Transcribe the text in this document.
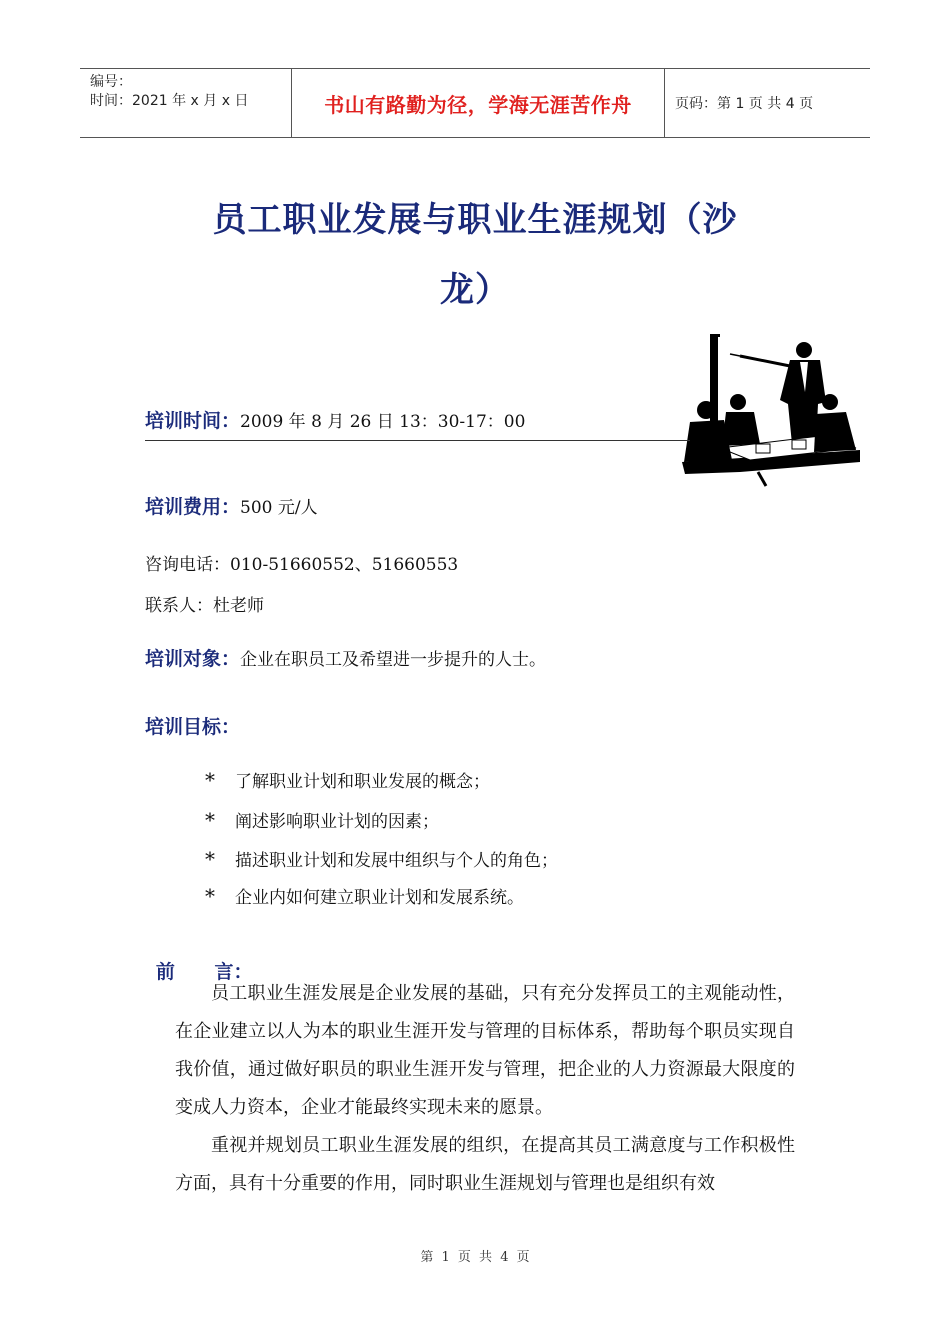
编号：
时间：2021 年 x 月 x 日	书山有路勤为径，学海无涯苦作舟	页码：第 1 页 共 4 页
员工职业发展与职业生涯规划（沙
龙）
培训时间：2009 年 8 月 26 日 13：30-17：00
培训费用：500 元/人
咨询电话：010-51660552、51660553
联系人：杜老师
培训对象：企业在职员工及希望进一步提升的人士。
培训目标：
* 了解职业计划和职业发展的概念；
* 阐述影响职业计划的因素；
* 描述职业计划和发展中组织与个人的角色；
* 企业内如何建立职业计划和发展系统。

前      言：

员工职业生涯发展是企业发展的基础，只有充分发挥员工的主观能动性，在企业建立以人为本的职业生涯开发与管理的目标体系，帮助每个职员实现自我价值，通过做好职员的职业生涯开发与管理，把企业的人力资源最大限度的变成人力资本，企业才能最终实现未来的愿景。

重视并规划员工职业生涯发展的组织，在提高其员工满意度与工作积极性方面，具有十分重要的作用，同时职业生涯规划与管理也是组织有效

第 1 页 共 4 页
